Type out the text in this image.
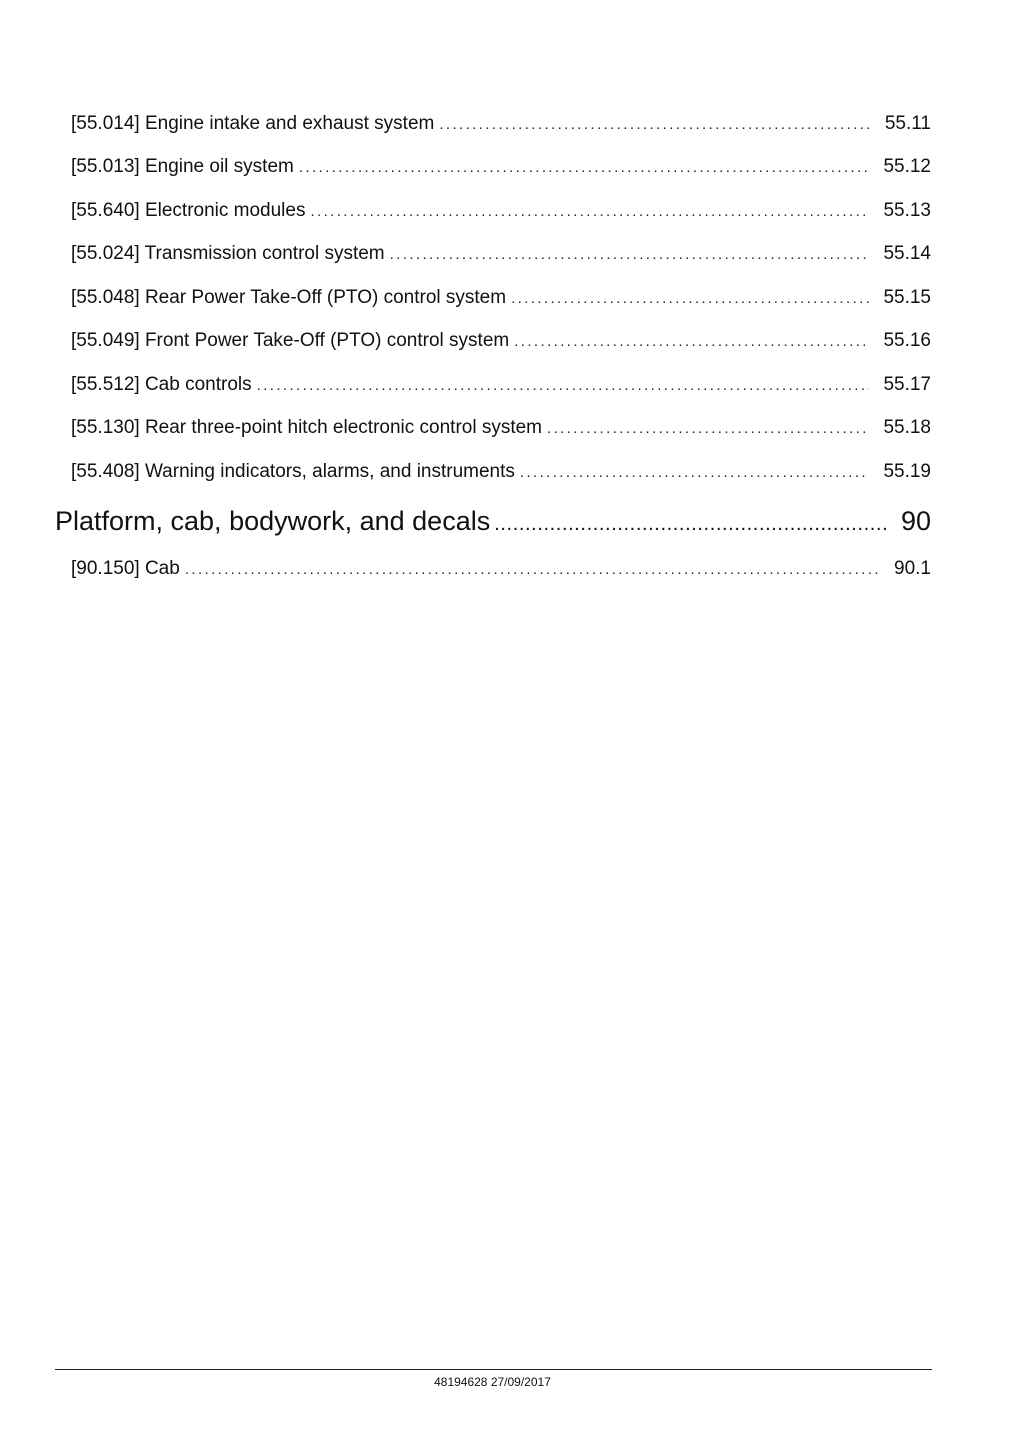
[55.014] Engine intake and exhaust system .....	55.11
[55.013] Engine oil system .....	55.12
[55.640] Electronic modules .....	55.13
[55.024] Transmission control system .....	55.14
[55.048] Rear Power Take-Off (PTO) control system .....	55.15
[55.049] Front Power Take-Off (PTO) control system .....	55.16
[55.512] Cab controls .....	55.17
[55.130] Rear three-point hitch electronic control system .....	55.18
[55.408] Warning indicators, alarms, and instruments .....	55.19
Platform, cab, bodywork, and decals .....	90
[90.150] Cab .....	90.1
48194628 27/09/2017
